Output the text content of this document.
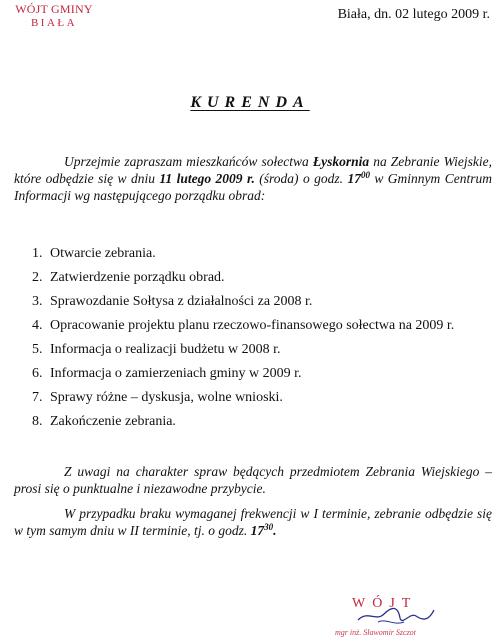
WÓJT GMINY
BIAŁA
Biała, dn. 02 lutego 2009 r.
KURENDA

Uprzejmie zapraszam mieszkańców sołectwa Łyskornia na Zebranie Wiejskie, które odbędzie się w dniu 11 lutego 2009 r. (środa) o godz. $17^{00}$ w Gminnym Centrum Informacji wg następującego porządku obrad:

1. Otwarcie zebrania.
2. Zatwierdzenie porządku obrad.
3. Sprawozdanie Sołtysa z działalności za 2008 r.
4. Opracowanie projektu planu rzeczowo-finansowego sołectwa na 2009 r.
5. Informacja o realizacji budżetu w 2008 r.
6. Informacja o zamierzeniach gminy w 2009 r.
7. Sprawy różne – dyskusja, wolne wnioski.
8. Zakończenie zebrania.

Z uwagi na charakter spraw będących przedmiotem Zebrania Wiejskiego – prosi się o punktualne i niezawodne przybycie.

W przypadku braku wymaganej frekwencji w I terminie, zebranie odbędzie się w tym samym dniu w II terminie, tj. o godz. $17^{30}$.

WÓJT
mgr inż. Sławomir Szczot
